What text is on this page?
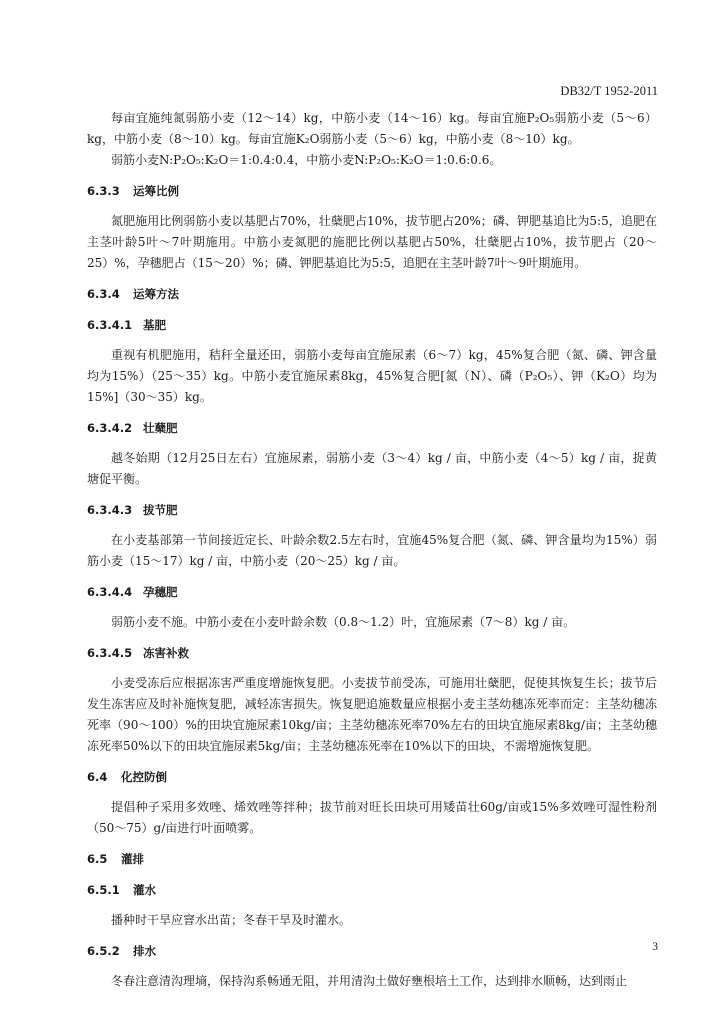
DB32/T 1952-2011

每亩宜施纯氮弱筋小麦（12～14）kg，中筋小麦（14～16）kg。每亩宜施P₂O₅弱筋小麦（5～6）kg，中筋小麦（8～10）kg。每亩宜施K₂O弱筋小麦（5～6）kg，中筋小麦（8～10）kg。

弱筋小麦N:P₂O₅:K₂O＝1:0.4:0.4，中筋小麦N:P₂O₅:K₂O＝1:0.6:0.6。

6.3.3	运筹比例

氮肥施用比例弱筋小麦以基肥占70%，壮蘖肥占10%，拔节肥占20%；磷、钾肥基追比为5:5，追肥在主茎叶龄5叶～7叶期施用。中筋小麦氮肥的施肥比例以基肥占50%，壮蘖肥占10%，拔节肥占（20～25）%，孕穗肥占（15～20）%；磷、钾肥基追比为5:5，追肥在主茎叶龄7叶～9叶期施用。

6.3.4	运筹方法
6.3.4.1 基肥

重视有机肥施用，秸秆全量还田，弱筋小麦每亩宜施尿素（6～7）kg，45%复合肥（氮、磷、钾含量均为15%）（25～35）kg。中筋小麦宜施尿素8kg，45%复合肥[氮（N）、磷（P₂O₅）、钾（K₂O）均为15%]（30～35）kg。

6.3.4.2 壮蘖肥

越冬始期（12月25日左右）宜施尿素，弱筋小麦（3～4）kg / 亩，中筋小麦（4～5）kg / 亩，捉黄塘促平衡。

6.3.4.3 拔节肥

在小麦基部第一节间接近定长、叶龄余数2.5左右时，宜施45%复合肥（氮、磷、钾含量均为15%）弱筋小麦（15～17）kg / 亩，中筋小麦（20～25）kg / 亩。

6.3.4.4 孕穗肥

弱筋小麦不施。中筋小麦在小麦叶龄余数（0.8～1.2）叶，宜施尿素（7～8）kg / 亩。

6.3.4.5 冻害补救

小麦受冻后应根据冻害严重度增施恢复肥。小麦拔节前受冻，可施用壮蘖肥，促使其恢复生长；拔节后发生冻害应及时补施恢复肥，减轻冻害损失。恢复肥追施数量应根据小麦主茎幼穗冻死率而定：主茎幼穗冻死率（90～100）%的田块宜施尿素10kg/亩；主茎幼穗冻死率70%左右的田块宜施尿素8kg/亩；主茎幼穗冻死率50%以下的田块宜施尿素5kg/亩；主茎幼穗冻死率在10%以下的田块，不需增施恢复肥。

6.4	化控防倒

提倡种子采用多效唑、烯效唑等拌种；拔节前对旺长田块可用矮苗壮60g/亩或15%多效唑可湿性粉剂（50～75）g/亩进行叶面喷雾。

6.5	灌排
6.5.1	灌水

播种时干旱应窨水出苗；冬春干旱及时灌水。

6.5.2	排水

冬春注意清沟理墒，保持沟系畅通无阻，并用清沟土做好壅根培土工作，达到排水顺畅，达到雨止

3
